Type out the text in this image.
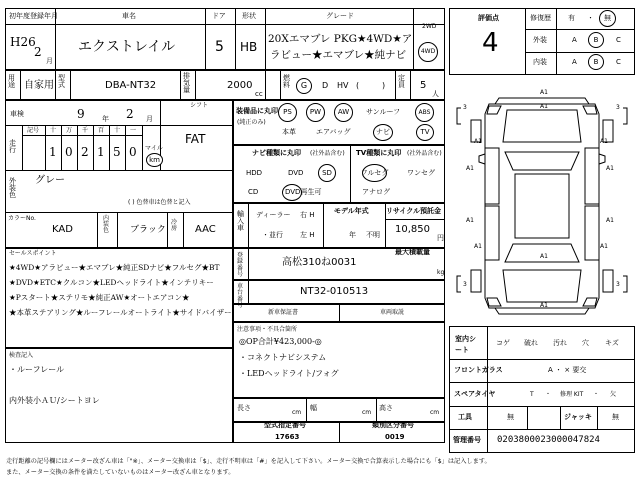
初年度登録年月
H26
2
月
車名
エクストレイル
ドア
5
形状
HB
グレード
20Xエマブレ PKG★4WD★ア
ラビュー★エマブレ★純ナビ
2WD
4WD
用途 自家用
型式	DBA-NT32
排気量	2000
cc
燃料	G	D HV (	)
定員 5
人
車検	9 年 2 月
シフト
FAT
走行
記号 十 万 千 百 十 一
1 0 2 1 5 0 マイル
km
外装色
グレー
( ) 色替車は色替と記入
カラーNo.
KAD
内装色 ブラック
冷房 AAC
装備品に丸印
(純正のみ)
PS	PW	AW	サンルーフ	ABS
本革	エアバッグ	ナビ	TV
ナビ種類に丸印 (社外品含む)
HDD	DVD	SD
CD	DVD再生可
TV種類に丸印 (社外品含む)
フルセグ	ワンセグ
アナログ
輸入車
ディーラー
・並行
右 H
左 H
モデル年式
年 不明
リサイクル預託金
10,850
円
最大積載量
kg
登録番号
高松310ね0031
車台番号
NT32-010513
セールスポイント
★4WD★アラビュー★エマブレ★純正SDナビ★フルセグ★BT
★DVD★ETC★クルコン★LEDヘッドライト★インテリキー
★Pスタート★ステリモ★純正AW★オートエアコン★
★本革ステアリング★ルーフレールオートライト★サイドバイザー	新車保証書	車両取説
注意事項・不具合箇所
◎OP合計¥423,000-◎
・コネクトナビシステム
・LEDヘッドライト/フォグ
検査記入
・ルーフレール
内外装小ＡＵ/シートヨレ
長さ
cm
幅
cm
高さ
cm
型式指定番号
17663
類別区分番号
0019
評価点
4
修復歴 有 ・	無
外装	A	B	C
内装	A	B	C
A1
A1
A1	A1
A1	A1
A1	A1
A1	A1
A1
A1
3	3
3	3
室内シート
コゲ 破れ 汚れ 穴 キズ
フロントガラス	A ・ × 要交
スペアタイヤ	T ・ 修理 KIT ・ 欠
工具	無	ジャッキ	無
管理番号 0203800023000047824
走行距離の記号欄にはメーター改ざん車は「"※」、メーター交換車は「$」、走行不明車は「#」を記入して下さい。メーター交換で合算表示した場合にも「$」は記入します。
また、メーター交換の条件を満たしていないものはメーター改ざん車となります。
